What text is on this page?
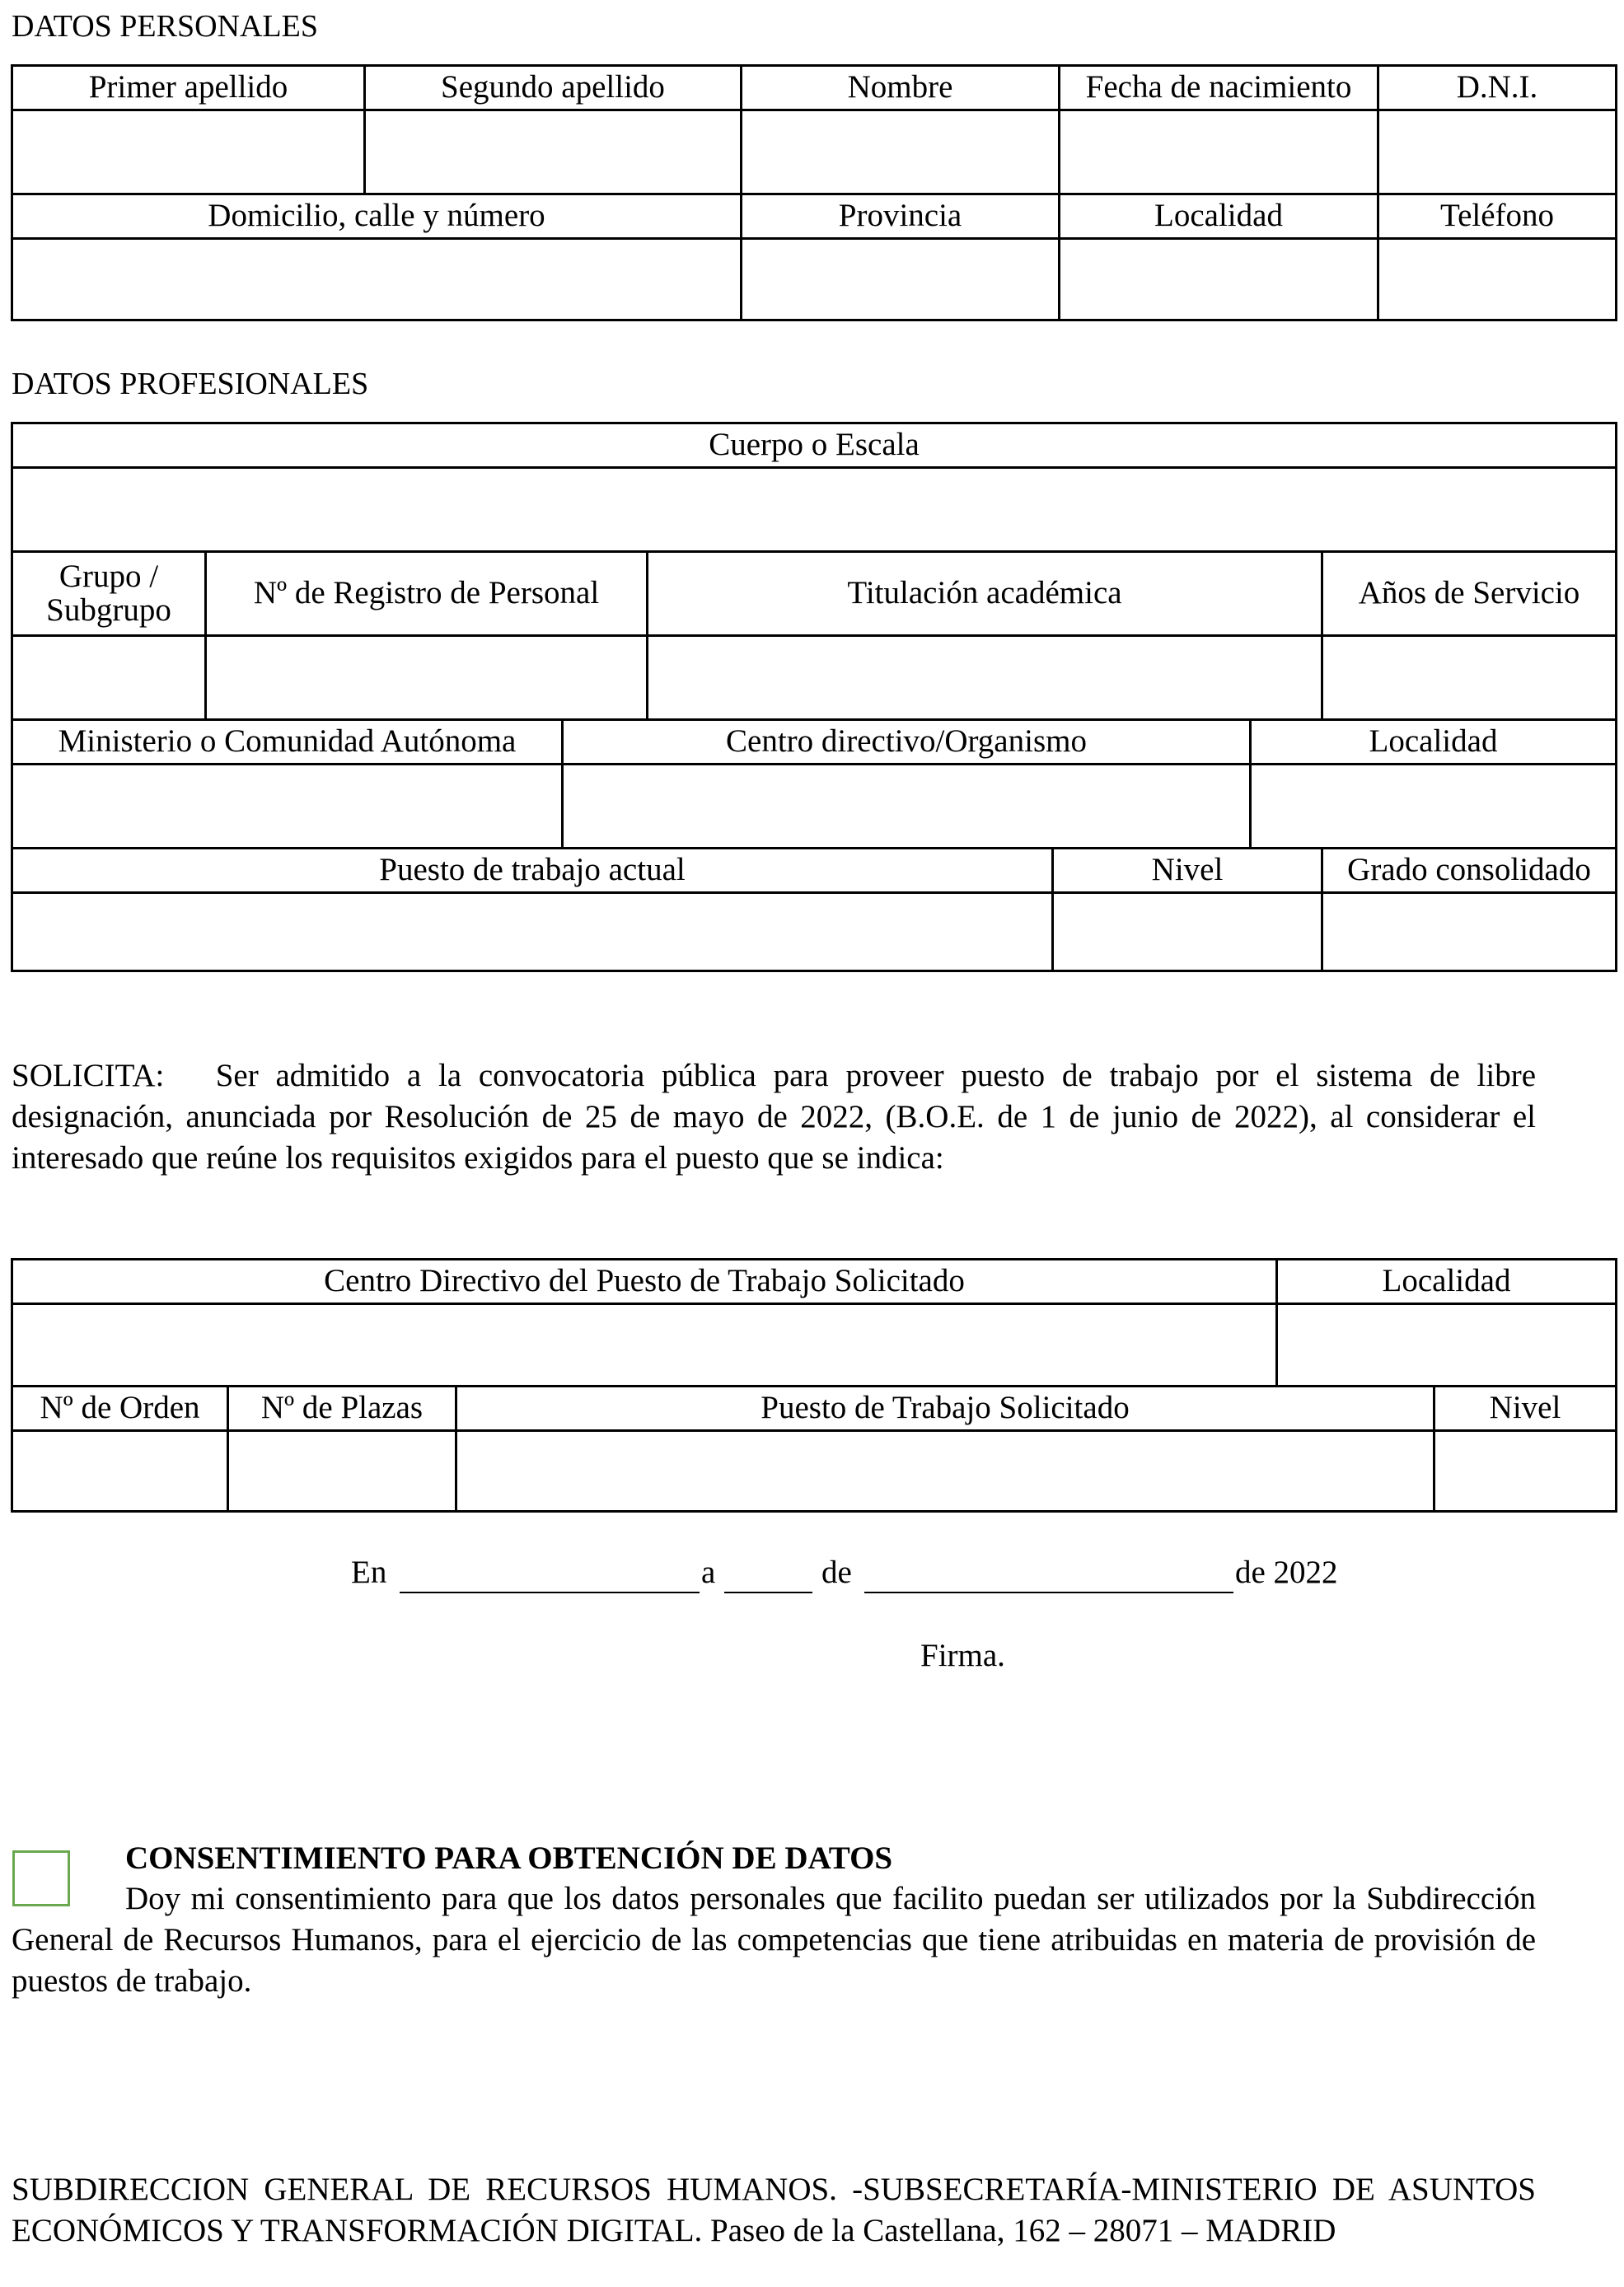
DATOS PERSONALES
Primer apellido	Segundo apellido	Nombre	Fecha de nacimiento	D.N.I.
Domicilio, calle y número	Provincia	Localidad	Teléfono
DATOS PROFESIONALES
Cuerpo o Escala
Grupo / Subgrupo	Nº de Registro de Personal	Titulación académica	Años de Servicio
Ministerio o Comunidad Autónoma	Centro directivo/Organismo	Localidad
Puesto de trabajo actual	Nivel	Grado consolidado
SOLICITA: Ser admitido a la convocatoria pública para proveer puesto de trabajo por el sistema de libre designación, anunciada por Resolución de 25 de mayo de 2022, (B.O.E. de 1 de junio de 2022), al considerar el interesado que reúne los requisitos exigidos para el puesto que se indica:
Centro Directivo del Puesto de Trabajo Solicitado	Localidad
Nº de Orden	Nº de Plazas	Puesto de Trabajo Solicitado	Nivel
En	a	de	de 2022
Firma.
CONSENTIMIENTO PARA OBTENCIÓN DE DATOS
Doy mi consentimiento para que los datos personales que facilito puedan ser utilizados por la Subdirección General de Recursos Humanos, para el ejercicio de las competencias que tiene atribuidas en materia de provisión de puestos de trabajo.
SUBDIRECCION GENERAL DE RECURSOS HUMANOS. -SUBSECRETARÍA-MINISTERIO DE ASUNTOS ECONÓMICOS Y TRANSFORMACIÓN DIGITAL. Paseo de la Castellana, 162 – 28071 – MADRID
